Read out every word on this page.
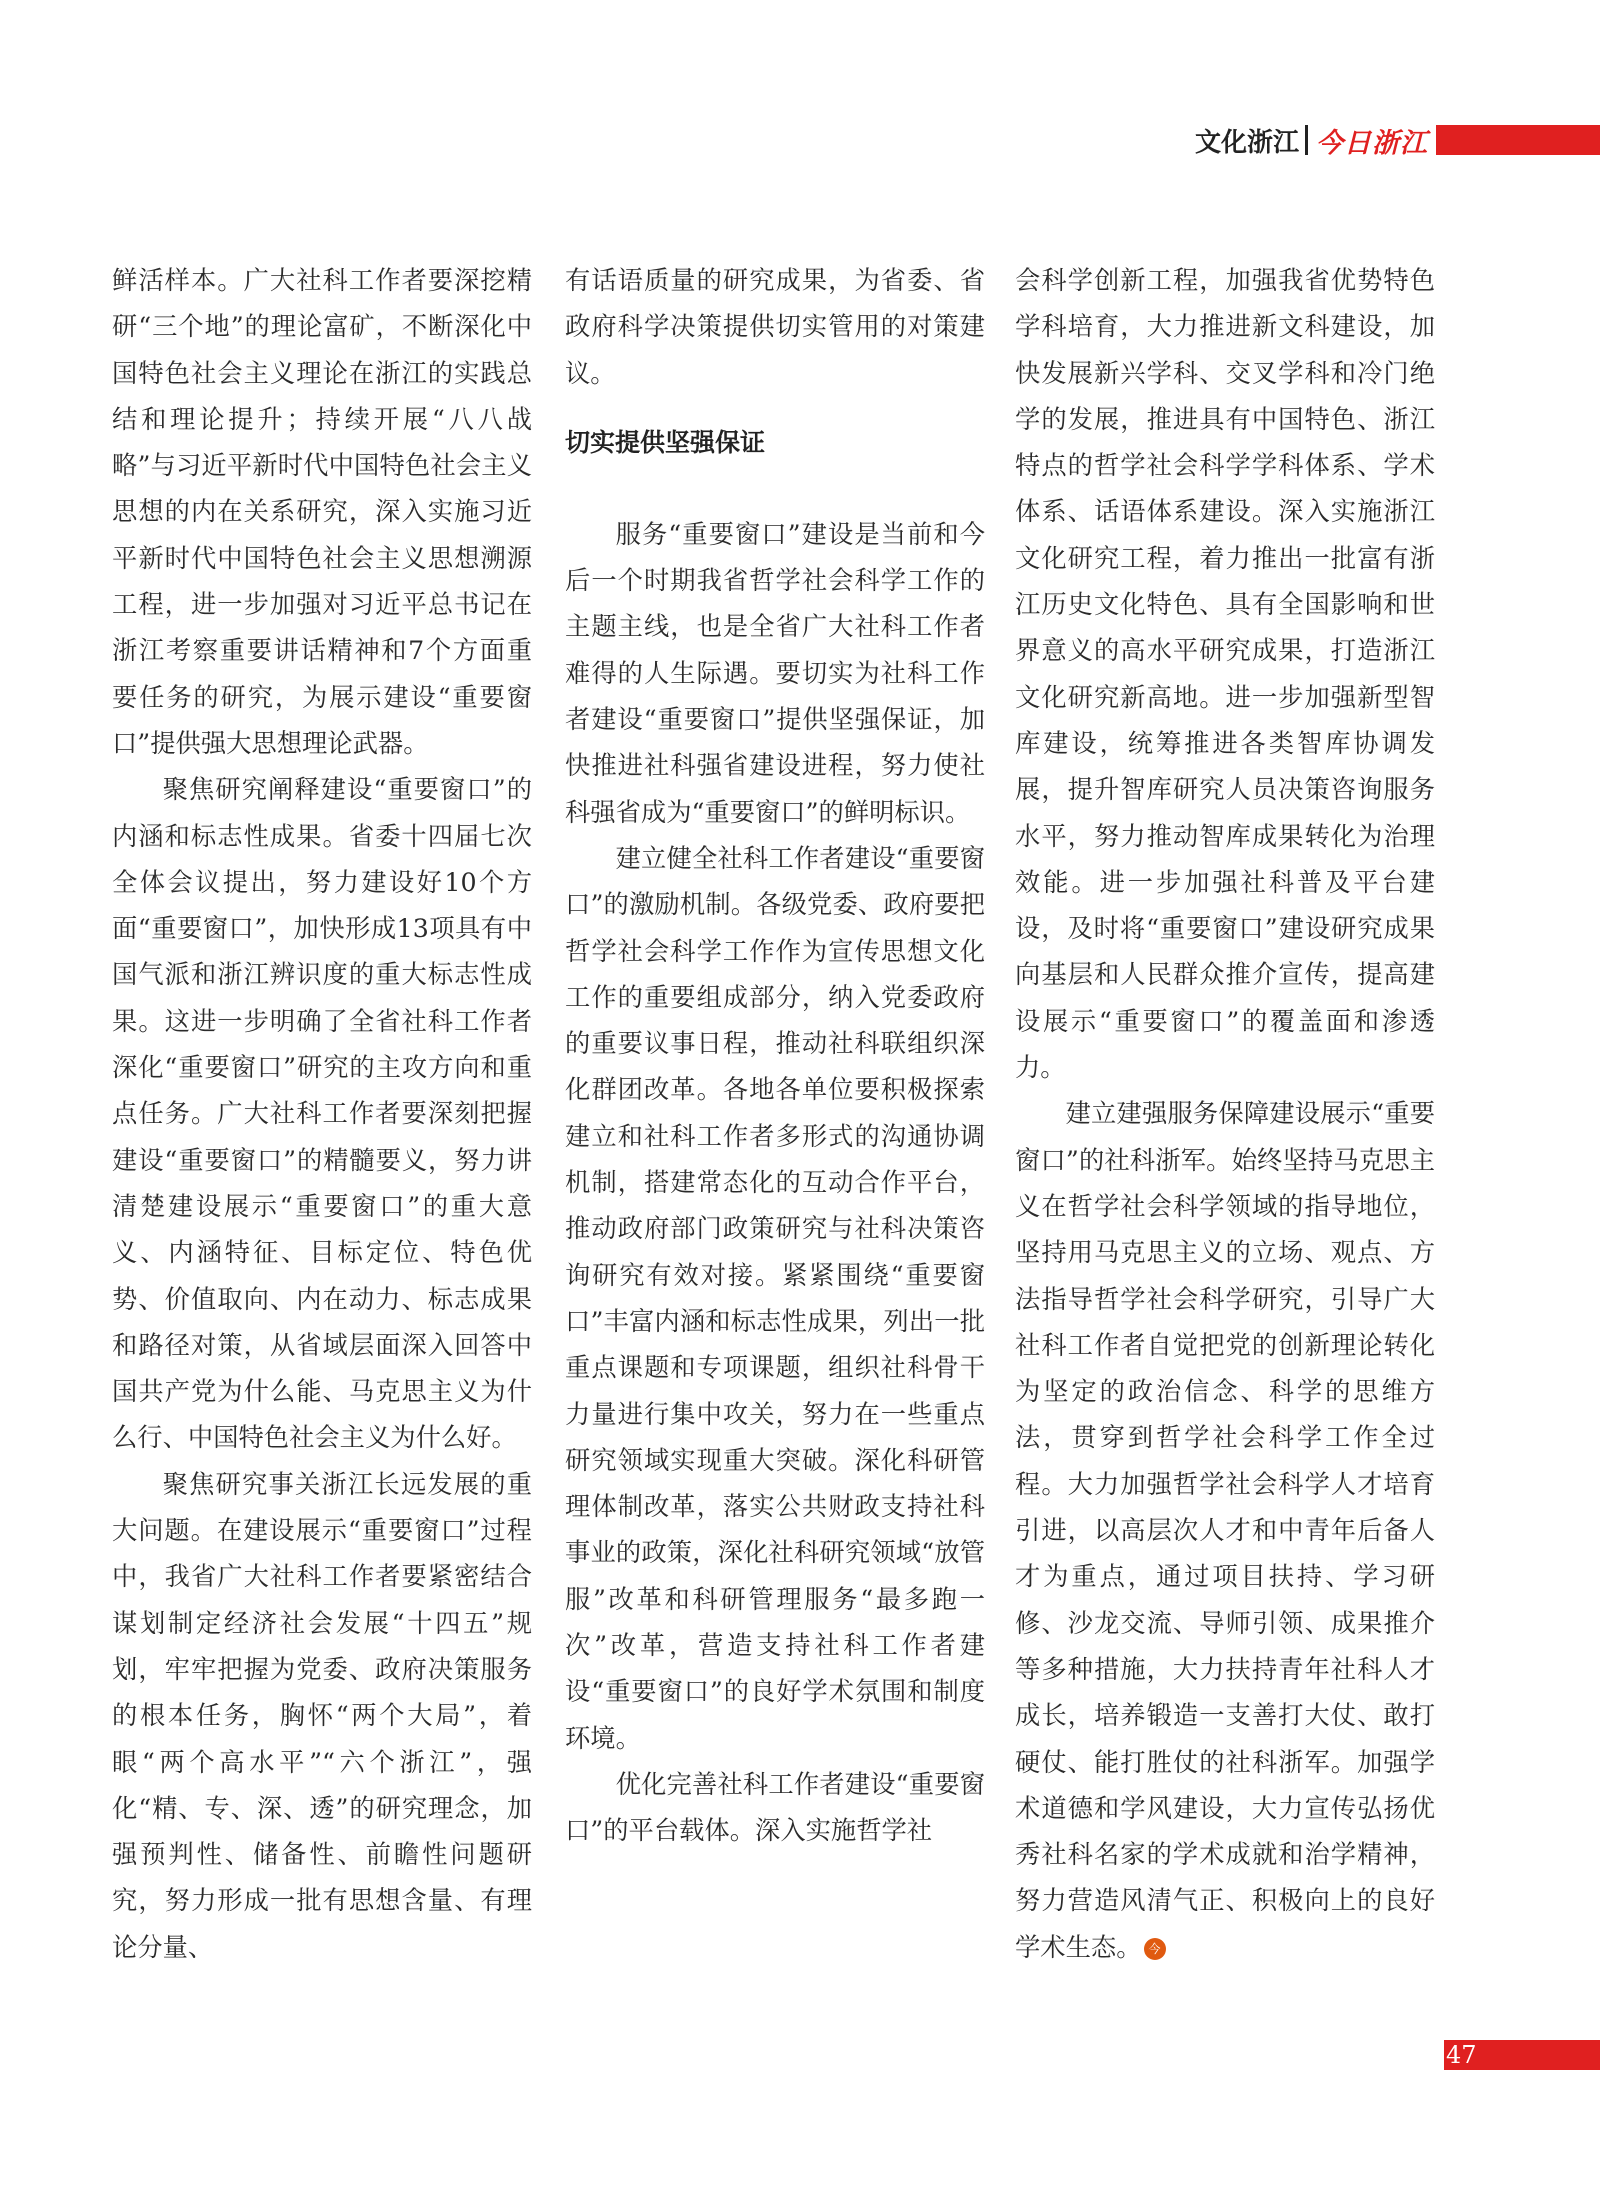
文化浙江 今日浙江

鲜活样本。广大社科工作者要深挖精研“三个地”的理论富矿，不断深化中国特色社会主义理论在浙江的实践总结和理论提升；持续开展“八八战略”与习近平新时代中国特色社会主义思想的内在关系研究，深入实施习近平新时代中国特色社会主义思想溯源工程，进一步加强对习近平总书记在浙江考察重要讲话精神和7个方面重要任务的研究，为展示建设“重要窗口”提供强大思想理论武器。

聚焦研究阐释建设“重要窗口”的内涵和标志性成果。省委十四届七次全体会议提出，努力建设好10个方面“重要窗口”，加快形成13项具有中国气派和浙江辨识度的重大标志性成果。这进一步明确了全省社科工作者深化“重要窗口”研究的主攻方向和重点任务。广大社科工作者要深刻把握建设“重要窗口”的精髓要义，努力讲清楚建设展示“重要窗口”的重大意义、内涵特征、目标定位、特色优势、价值取向、内在动力、标志成果和路径对策，从省域层面深入回答中国共产党为什么能、马克思主义为什么行、中国特色社会主义为什么好。

聚焦研究事关浙江长远发展的重大问题。在建设展示“重要窗口”过程中，我省广大社科工作者要紧密结合谋划制定经济社会发展“十四五”规划，牢牢把握为党委、政府决策服务的根本任务，胸怀“两个大局”，着眼“两个高水平”“六个浙江”，强化“精、专、深、透”的研究理念，加强预判性、储备性、前瞻性问题研究，努力形成一批有思想含量、有理论分量、

有话语质量的研究成果，为省委、省政府科学决策提供切实管用的对策建议。

切实提供坚强保证

服务“重要窗口”建设是当前和今后一个时期我省哲学社会科学工作的主题主线，也是全省广大社科工作者难得的人生际遇。要切实为社科工作者建设“重要窗口”提供坚强保证，加快推进社科强省建设进程，努力使社科强省成为“重要窗口”的鲜明标识。

建立健全社科工作者建设“重要窗口”的激励机制。各级党委、政府要把哲学社会科学工作作为宣传思想文化工作的重要组成部分，纳入党委政府的重要议事日程，推动社科联组织深化群团改革。各地各单位要积极探索建立和社科工作者多形式的沟通协调机制，搭建常态化的互动合作平台，推动政府部门政策研究与社科决策咨询研究有效对接。紧紧围绕“重要窗口”丰富内涵和标志性成果，列出一批重点课题和专项课题，组织社科骨干力量进行集中攻关，努力在一些重点研究领域实现重大突破。深化科研管理体制改革，落实公共财政支持社科事业的政策，深化社科研究领域“放管服”改革和科研管理服务“最多跑一次”改革，营造支持社科工作者建设“重要窗口”的良好学术氛围和制度环境。

优化完善社科工作者建设“重要窗口”的平台载体。深入实施哲学社

会科学创新工程，加强我省优势特色学科培育，大力推进新文科建设，加快发展新兴学科、交叉学科和冷门绝学的发展，推进具有中国特色、浙江特点的哲学社会科学学科体系、学术体系、话语体系建设。深入实施浙江文化研究工程，着力推出一批富有浙江历史文化特色、具有全国影响和世界意义的高水平研究成果，打造浙江文化研究新高地。进一步加强新型智库建设，统筹推进各类智库协调发展，提升智库研究人员决策咨询服务水平，努力推动智库成果转化为治理效能。进一步加强社科普及平台建设，及时将“重要窗口”建设研究成果向基层和人民群众推介宣传，提高建设展示“重要窗口”的覆盖面和渗透力。

建立建强服务保障建设展示“重要窗口”的社科浙军。始终坚持马克思主义在哲学社会科学领域的指导地位，坚持用马克思主义的立场、观点、方法指导哲学社会科学研究，引导广大社科工作者自觉把党的创新理论转化为坚定的政治信念、科学的思维方法，贯穿到哲学社会科学工作全过程。大力加强哲学社会科学人才培育引进，以高层次人才和中青年后备人才为重点，通过项目扶持、学习研修、沙龙交流、导师引领、成果推介等多种措施，大力扶持青年社科人才成长，培养锻造一支善打大仗、敢打硬仗、能打胜仗的社科浙军。加强学术道德和学风建设，大力宣传弘扬优秀社科名家的学术成就和治学精神，努力营造风清气正、积极向上的良好学术生态。 今

47
